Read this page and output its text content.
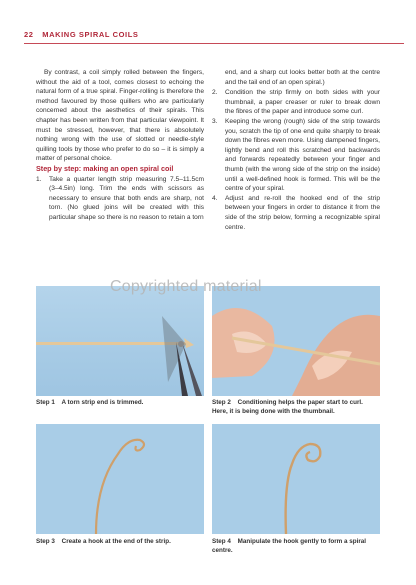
22 MAKING SPIRAL COILS

By contrast, a coil simply rolled between the fingers, without the aid of a tool, comes closest to echoing the natural form of a true spiral. Finger-rolling is therefore the method favoured by those quillers who are particularly concerned about the aesthetics of their spirals. This chapter has been written from that particular viewpoint. It must be stressed, however, that there is absolutely nothing wrong with the use of slotted or needle-style quilling tools by those who prefer to do so – it is simply a matter of personal choice.

Step by step: making an open spiral coil

1. Take a quarter length strip measuring 7.5–11.5cm (3–4.5in) long. Trim the ends with scissors as necessary to ensure that both ends are sharp, not torn. (No glued joins will be created with this particular shape so there is no reason to retain a torn

end, and a sharp cut looks better both at the centre and the tail end of an open spiral.)

2. Condition the strip firmly on both sides with your thumbnail, a paper creaser or ruler to break down the fibres of the paper and introduce some curl.
3. Keeping the wrong (rough) side of the strip towards you, scratch the tip of one end quite sharply to break down the fibres even more. Using dampened fingers, lightly bend and roll this scratched end backwards and forwards repeatedly between your finger and thumb (with the wrong side of the strip on the inside) until a well-defined hook is formed. This will be the centre of your spiral.
4. Adjust and re-roll the hooked end of the strip between your fingers in order to distance it from the side of the strip below, forming a recognizable spiral centre.
Copyrighted material
Step 1 A torn strip end is trimmed.	Step 2 Conditioning helps the paper start to curl. Here, it is being done with the thumbnail.
Step 3 Create a hook at the end of the strip.	Step 4 Manipulate the hook gently to form a spiral centre.
